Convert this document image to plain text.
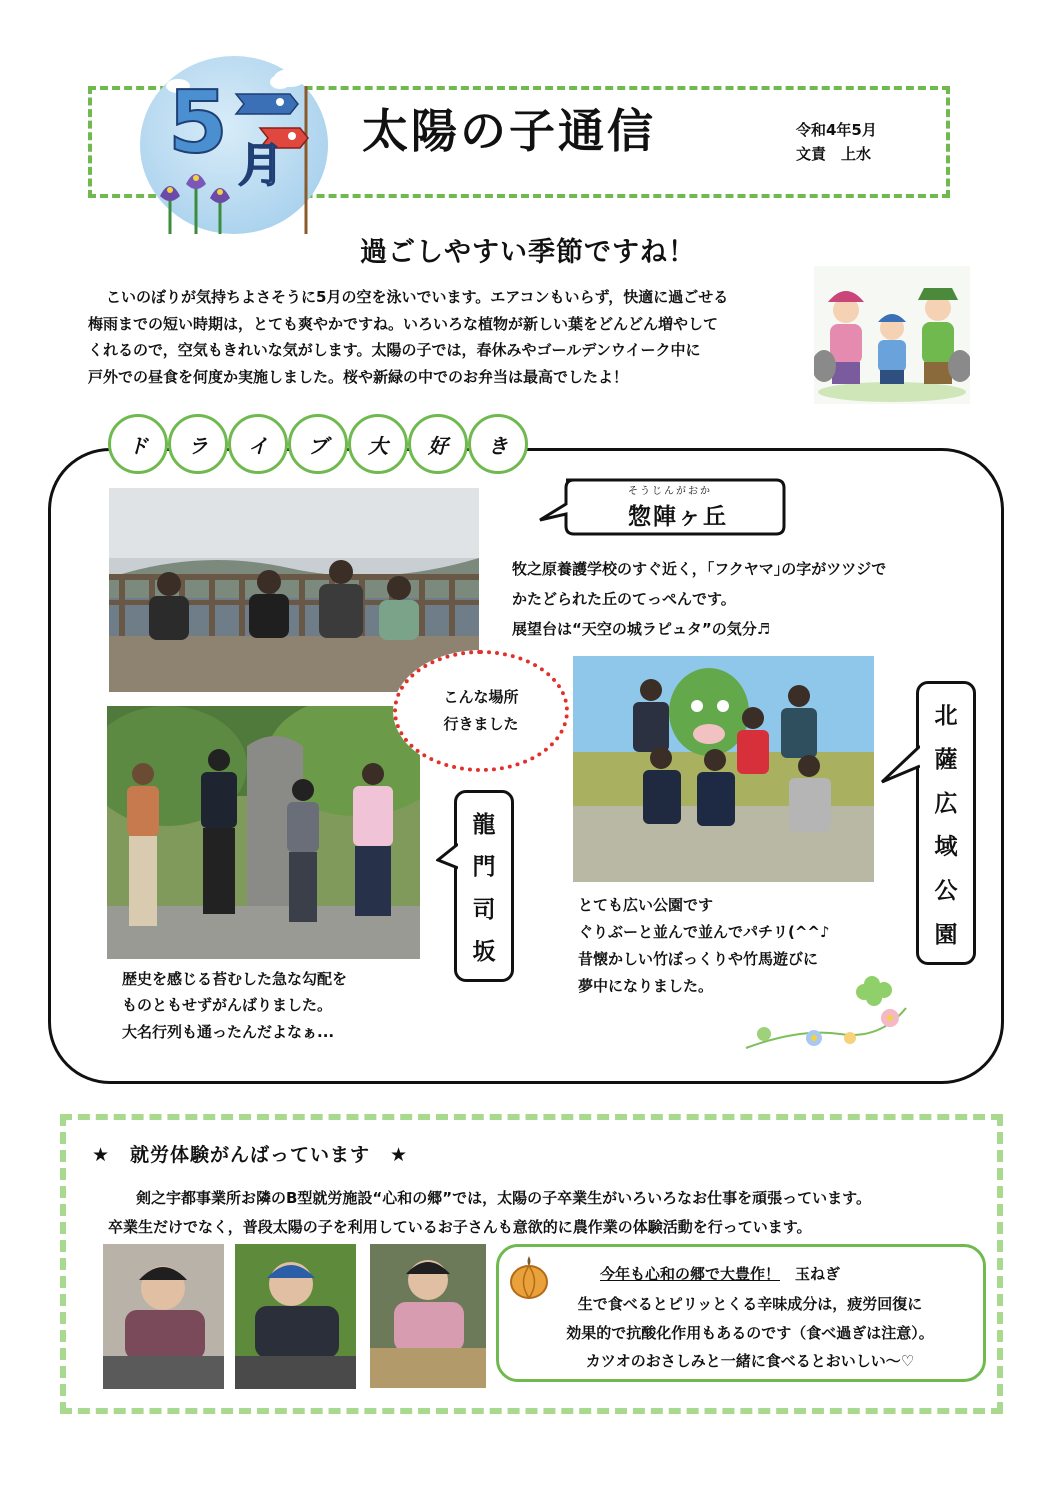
5 月
太陽の子通信	令和4年5月
文責　上水
過ごしやすい季節ですね！
こいのぼりが気持ちよさそうに5月の空を泳いでいます。エアコンもいらず，快適に過ごせる
梅雨までの短い時期は，とても爽やかですね。いろいろな植物が新しい葉をどんどん増やして
くれるので，空気もきれいな気がします。太陽の子では，春休みやゴールデンウイーク中に
戸外での昼食を何度か実施しました。桜や新緑の中でのお弁当は最高でしたよ！
ド	ラ	イ	ブ	大	好	き
そうじんがおか
惣陣ヶ丘
牧之原養護学校のすぐ近く，｢フクヤマ｣の字がツツジで
かたどられた丘のてっぺんです。
展望台は“天空の城ラピュタ”の気分♬
こんな場所
行きました
龍
門
司
坂
北
薩
広
域
公
園
歴史を感じる苔むした急な勾配を
ものともせずがんばりました。
大名行列も通ったんだよなぁ...
とても広い公園です
ぐりぶーと並んで並んでパチリ(^^♪
昔懐かしい竹ぼっくりや竹馬遊びに
夢中になりました。
★　就労体験がんばっています　★
剣之宇都事業所お隣のB型就労施設“心和の郷”では，太陽の子卒業生がいろいろなお仕事を頑張っています。
卒業生だけでなく，普段太陽の子を利用しているお子さんも意欲的に農作業の体験活動を行っています。
今年も心和の郷で大豊作！　玉ねぎ
生で食べるとピリッとくる辛味成分は，疲労回復に
効果的で抗酸化作用もあるのです（食べ過ぎは注意）。
カツオのおさしみと一緒に食べるとおいしい～♡
